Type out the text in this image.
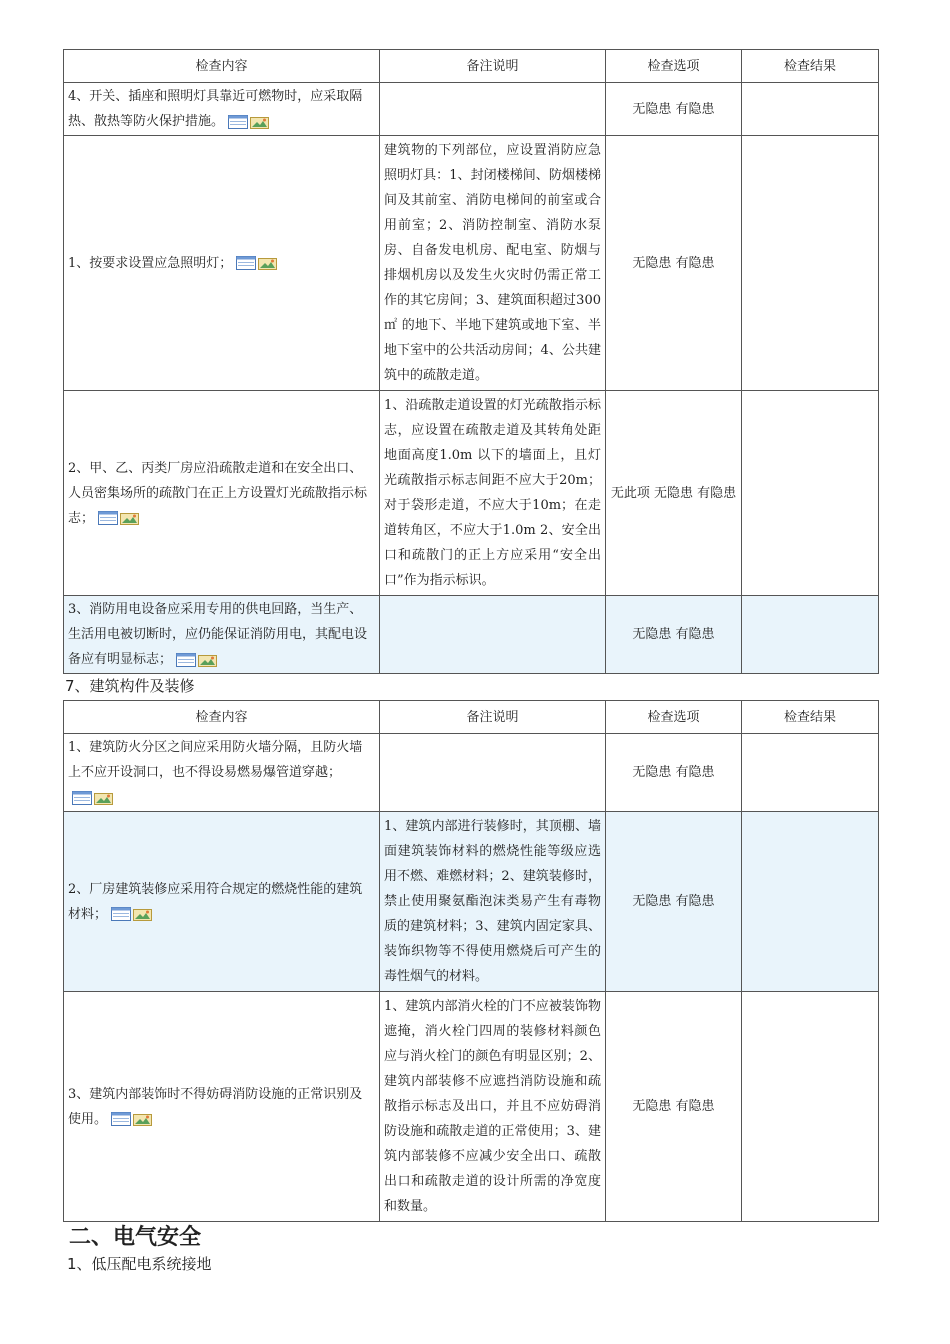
检查内容	备注说明	检查选项	检查结果
4、开关、插座和照明灯具靠近可燃物时，应采取隔热、散热等防火保护措施。		无隐患 有隐患	
1、按要求设置应急照明灯；	建筑物的下列部位，应设置消防应急照明灯具：1、封闭楼梯间、防烟楼梯间及其前室、消防电梯间的前室或合用前室；2、消防控制室、消防水泵房、自备发电机房、配电室、防烟与排烟机房以及发生火灾时仍需正常工作的其它房间；3、建筑面积超过300㎡ 的地下、半地下建筑或地下室、半地下室中的公共活动房间；4、公共建筑中的疏散走道。	无隐患 有隐患	
2、甲、乙、丙类厂房应沿疏散走道和在安全出口、人员密集场所的疏散门在正上方设置灯光疏散指示标志；	1、沿疏散走道设置的灯光疏散指示标志，应设置在疏散走道及其转角处距地面高度1.0m 以下的墙面上，且灯光疏散指示标志间距不应大于20m；对于袋形走道，不应大于10m；在走道转角区，不应大于1.0m 2、安全出口和疏散门的正上方应采用“安全出口”作为指示标识。	无此项 无隐患 有隐患	
3、消防用电设备应采用专用的供电回路，当生产、生活用电被切断时，应仍能保证消防用电，其配电设备应有明显标志；		无隐患 有隐患	
7、建筑构件及装修
检查内容	备注说明	检查选项	检查结果
1、建筑防火分区之间应采用防火墙分隔，且防火墙上不应开设洞口，也不得设易燃易爆管道穿越；		无隐患 有隐患	
2、厂房建筑装修应采用符合规定的燃烧性能的建筑材料；	1、建筑内部进行装修时，其顶棚、墙面建筑装饰材料的燃烧性能等级应选用不燃、难燃材料；2、建筑装修时，禁止使用聚氨酯泡沫类易产生有毒物质的建筑材料；3、建筑内固定家具、装饰织物等不得使用燃烧后可产生的毒性烟气的材料。	无隐患 有隐患	
3、建筑内部装饰时不得妨碍消防设施的正常识别及使用。	1、建筑内部消火栓的门不应被装饰物遮掩，消火栓门四周的装修材料颜色应与消火栓门的颜色有明显区别；2、建筑内部装修不应遮挡消防设施和疏散指示标志及出口，并且不应妨碍消防设施和疏散走道的正常使用；3、建筑内部装修不应减少安全出口、疏散出口和疏散走道的设计所需的净宽度和数量。	无隐患 有隐患	
二、电气安全
1、低压配电系统接地
